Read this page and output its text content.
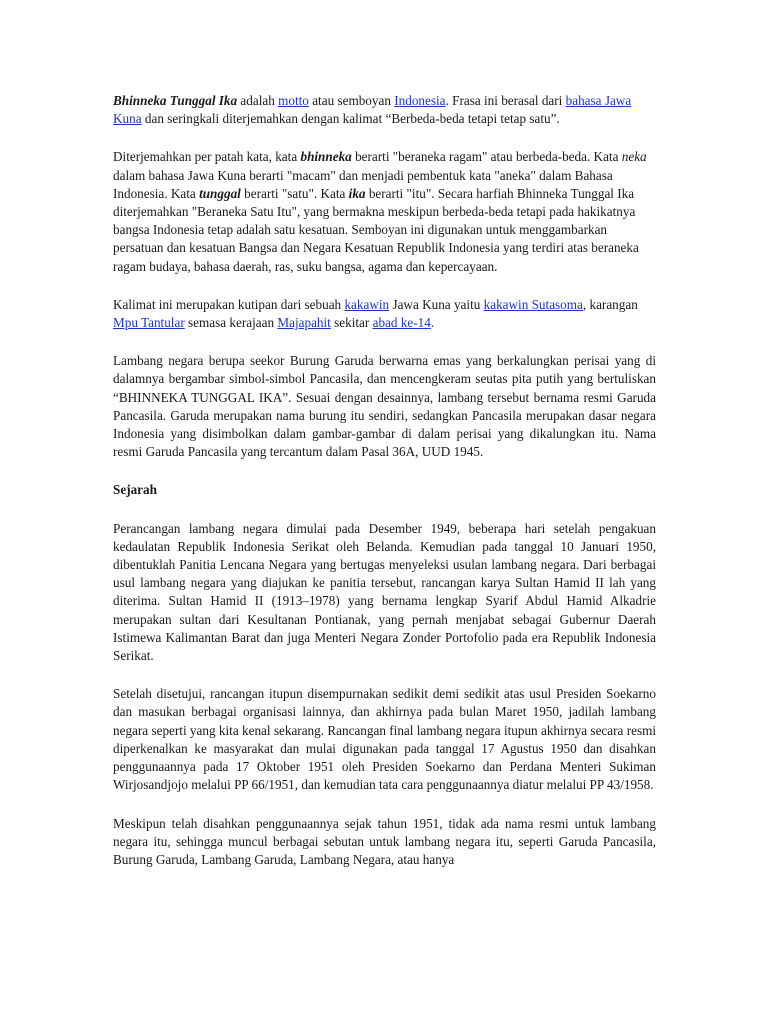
Bhinneka Tunggal Ika adalah motto atau semboyan Indonesia. Frasa ini berasal dari bahasa Jawa Kuna dan seringkali diterjemahkan dengan kalimat “Berbeda-beda tetapi tetap satu”.

Diterjemahkan per patah kata, kata bhinneka berarti "beraneka ragam" atau berbeda-beda. Kata neka dalam bahasa Jawa Kuna berarti "macam" dan menjadi pembentuk kata "aneka" dalam Bahasa Indonesia. Kata tunggal berarti "satu". Kata ika berarti "itu". Secara harfiah Bhinneka Tunggal Ika diterjemahkan "Beraneka Satu Itu", yang bermakna meskipun berbeda-beda tetapi pada hakikatnya bangsa Indonesia tetap adalah satu kesatuan. Semboyan ini digunakan untuk menggambarkan persatuan dan kesatuan Bangsa dan Negara Kesatuan Republik Indonesia yang terdiri atas beraneka ragam budaya, bahasa daerah, ras, suku bangsa, agama dan kepercayaan.

Kalimat ini merupakan kutipan dari sebuah kakawin Jawa Kuna yaitu kakawin Sutasoma, karangan Mpu Tantular semasa kerajaan Majapahit sekitar abad ke-14.

Lambang negara berupa seekor Burung Garuda berwarna emas yang berkalungkan perisai yang di dalamnya bergambar simbol-simbol Pancasila, dan mencengkeram seutas pita putih yang bertuliskan “BHINNEKA TUNGGAL IKA”. Sesuai dengan desainnya, lambang tersebut bernama resmi Garuda Pancasila. Garuda merupakan nama burung itu sendiri, sedangkan Pancasila merupakan dasar negara Indonesia yang disimbolkan dalam gambar-gambar di dalam perisai yang dikalungkan itu. Nama resmi Garuda Pancasila yang tercantum dalam Pasal 36A, UUD 1945.

Sejarah

Perancangan lambang negara dimulai pada Desember 1949, beberapa hari setelah pengakuan kedaulatan Republik Indonesia Serikat oleh Belanda. Kemudian pada tanggal 10 Januari 1950, dibentuklah Panitia Lencana Negara yang bertugas menyeleksi usulan lambang negara. Dari berbagai usul lambang negara yang diajukan ke panitia tersebut, rancangan karya Sultan Hamid II lah yang diterima. Sultan Hamid II (1913–1978) yang bernama lengkap Syarif Abdul Hamid Alkadrie merupakan sultan dari Kesultanan Pontianak, yang pernah menjabat sebagai Gubernur Daerah Istimewa Kalimantan Barat dan juga Menteri Negara Zonder Portofolio pada era Republik Indonesia Serikat.

Setelah disetujui, rancangan itupun disempurnakan sedikit demi sedikit atas usul Presiden Soekarno dan masukan berbagai organisasi lainnya, dan akhirnya pada bulan Maret 1950, jadilah lambang negara seperti yang kita kenal sekarang. Rancangan final lambang negara itupun akhirnya secara resmi diperkenalkan ke masyarakat dan mulai digunakan pada tanggal 17 Agustus 1950 dan disahkan penggunaannya pada 17 Oktober 1951 oleh Presiden Soekarno dan Perdana Menteri Sukiman Wirjosandjojo melalui PP 66/1951, dan kemudian tata cara penggunaannya diatur melalui PP 43/1958.

Meskipun telah disahkan penggunaannya sejak tahun 1951, tidak ada nama resmi untuk lambang negara itu, sehingga muncul berbagai sebutan untuk lambang negara itu, seperti Garuda Pancasila, Burung Garuda, Lambang Garuda, Lambang Negara, atau hanya
